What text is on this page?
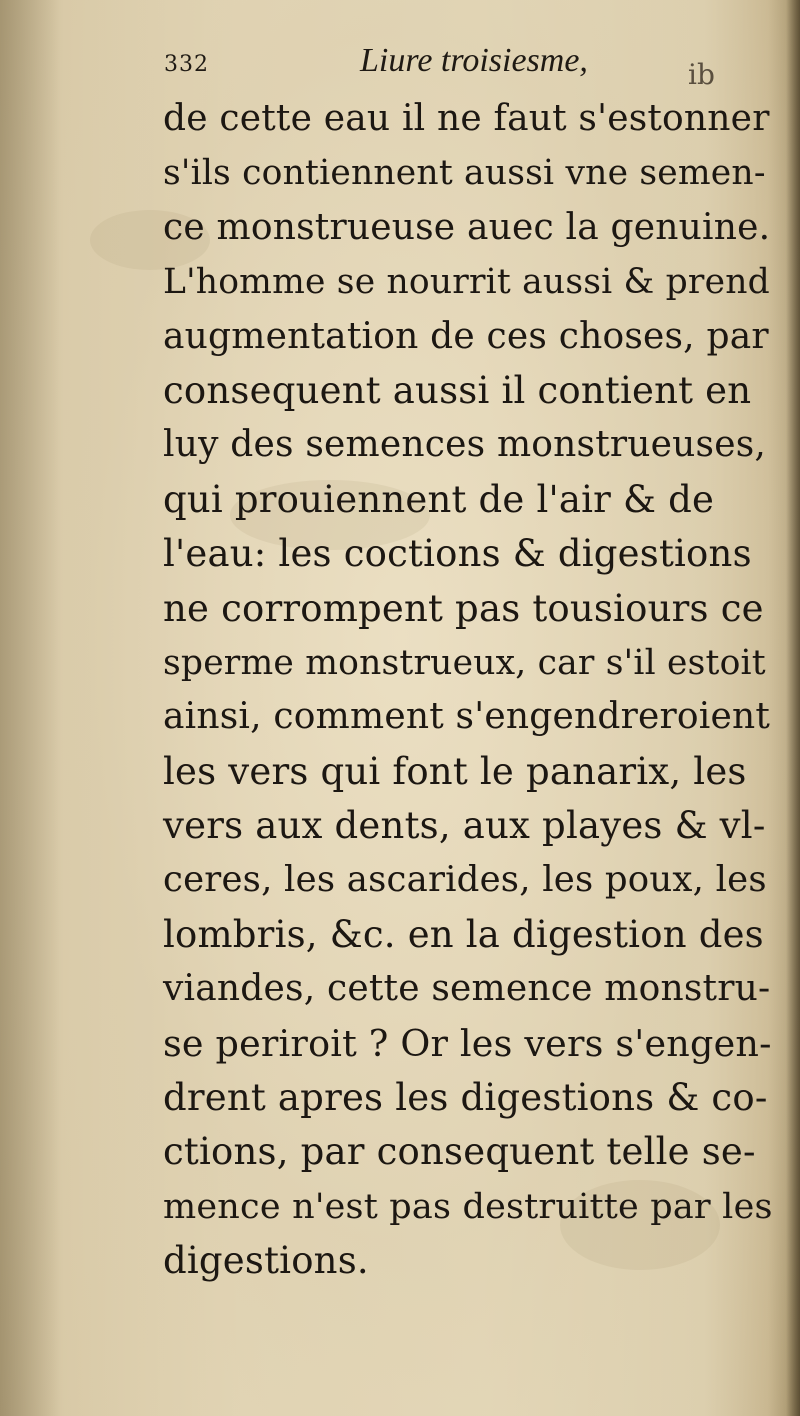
332	Liure troisiesme,	ib
de cette eau il ne faut s'estonner
s'ils contiennent aussi vne semen-
ce monstrueuse auec la genuine.
L'homme se nourrit aussi & prend
augmentation de ces choses, par
consequent aussi il contient en
luy des semences monstrueuses,
qui prouiennent de l'air & de
l'eau: les coctions & digestions
ne corrompent pas tousiours ce
sperme monstrueux, car s'il estoit
ainsi, comment s'engendreroient
les vers qui font le panarix, les
vers aux dents, aux playes & vl-
ceres, les ascarides, les poux, les
lombris, &c. en la digestion des
viandes, cette semence monstru-
se periroit ? Or les vers s'engen-
drent apres les digestions & co-
ctions, par consequent telle se-
mence n'est pas destruitte par les
digestions.
